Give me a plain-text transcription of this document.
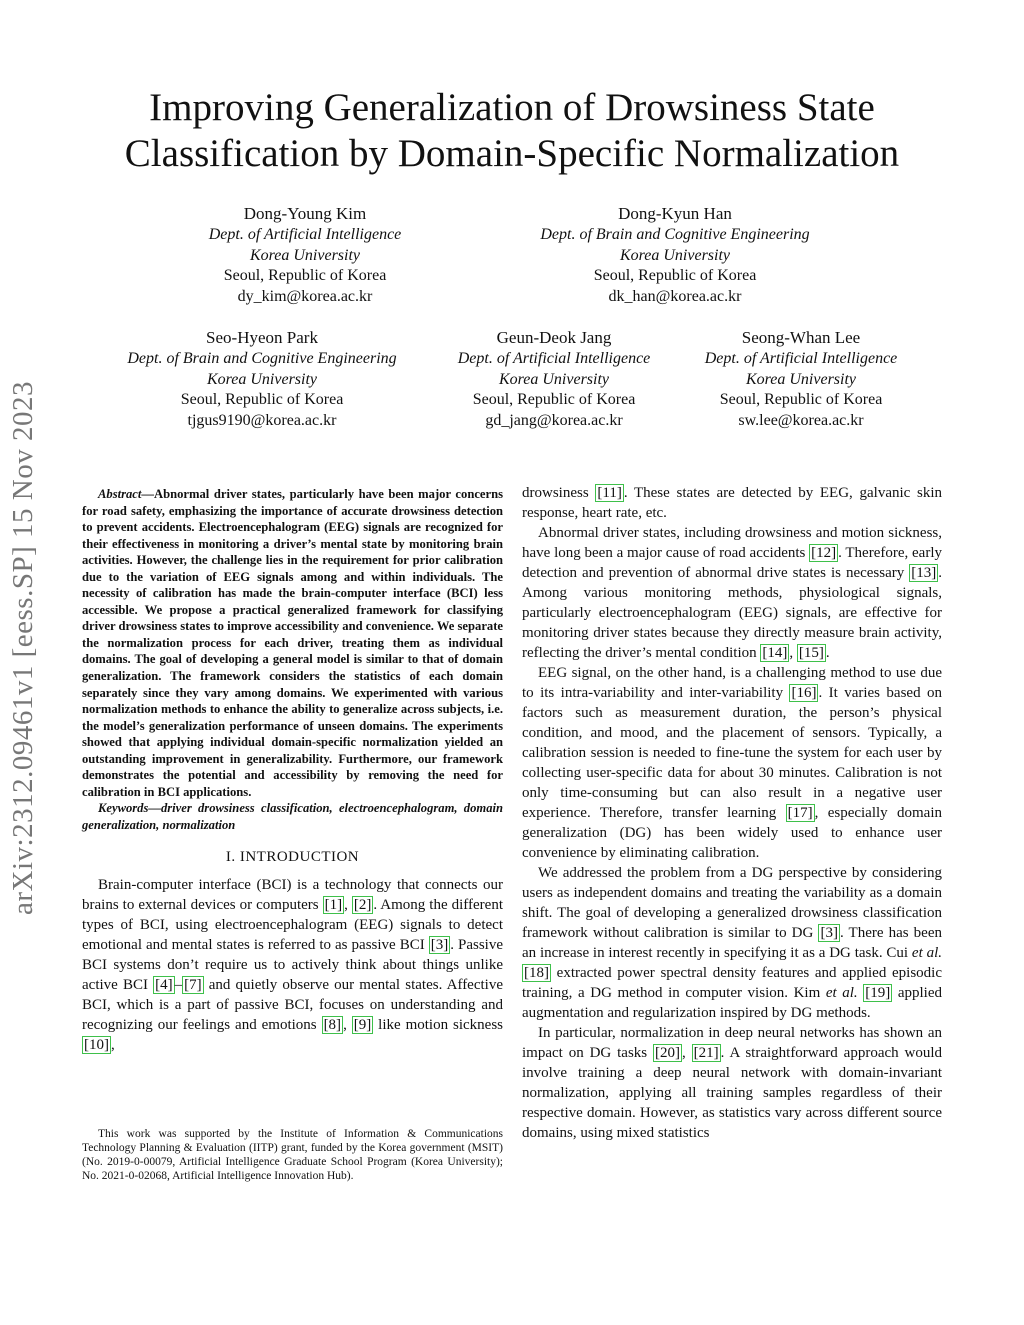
arXiv:2312.09461v1 [eess.SP] 15 Nov 2023
Improving Generalization of Drowsiness State
Classification by Domain-Specific Normalization
Dong-Young Kim
Dept. of Artificial Intelligence
Korea University
Seoul, Republic of Korea
dy_kim@korea.ac.kr
Dong-Kyun Han
Dept. of Brain and Cognitive Engineering
Korea University
Seoul, Republic of Korea
dk_han@korea.ac.kr
Seo-Hyeon Park
Dept. of Brain and Cognitive Engineering
Korea University
Seoul, Republic of Korea
tjgus9190@korea.ac.kr
Geun-Deok Jang
Dept. of Artificial Intelligence
Korea University
Seoul, Republic of Korea
gd_jang@korea.ac.kr
Seong-Whan Lee
Dept. of Artificial Intelligence
Korea University
Seoul, Republic of Korea
sw.lee@korea.ac.kr

Abstract—Abnormal driver states, particularly have been major concerns for road safety, emphasizing the importance of accurate drowsiness detection to prevent accidents. Electroencephalogram (EEG) signals are recognized for their effectiveness in monitoring a driver’s mental state by monitoring brain activities. However, the challenge lies in the requirement for prior calibration due to the variation of EEG signals among and within individuals. The necessity of calibration has made the brain-computer interface (BCI) less accessible. We propose a practical generalized framework for classifying driver drowsiness states to improve accessibility and convenience. We separate the normalization process for each driver, treating them as individual domains. The goal of developing a general model is similar to that of domain generalization. The framework considers the statistics of each domain separately since they vary among domains. We experimented with various normalization methods to enhance the ability to generalize across subjects, i.e. the model’s generalization performance of unseen domains. The experiments showed that applying individual domain-specific normalization yielded an outstanding improvement in generalizability. Furthermore, our framework demonstrates the potential and accessibility by removing the need for calibration in BCI applications.

Keywords—driver drowsiness classification, electroencephalogram, domain generalization, normalization

I. INTRODUCTION

Brain-computer interface (BCI) is a technology that connects our brains to external devices or computers [1] , [2] . Among the different types of BCI, using electroencephalogram (EEG) signals to detect emotional and mental states is referred to as passive BCI [3] . Passive BCI systems don’t require us to actively think about things unlike active BCI [4] – [7] and quietly observe our mental states. Affective BCI, which is a part of passive BCI, focuses on understanding and recognizing our feelings and emotions [8] , [9] like motion sickness [10] ,

This work was supported by the Institute of Information & Communications Technology Planning & Evaluation (IITP) grant, funded by the Korea government (MSIT) (No. 2019-0-00079, Artificial Intelligence Graduate School Program (Korea University); No. 2021-0-02068, Artificial Intelligence Innovation Hub).

drowsiness [11] . These states are detected by EEG, galvanic skin response, heart rate, etc.

Abnormal driver states, including drowsiness and motion sickness, have long been a major cause of road accidents [12] . Therefore, early detection and prevention of abnormal drive states is necessary [13] . Among various monitoring methods, physiological signals, particularly electroencephalogram (EEG) signals, are effective for monitoring driver states because they directly measure brain activity, reflecting the driver’s mental condition [14] , [15] .

EEG signal, on the other hand, is a challenging method to use due to its intra-variability and inter-variability [16] . It varies based on factors such as measurement duration, the person’s physical condition, and mood, and the placement of sensors. Typically, a calibration session is needed to fine-tune the system for each user by collecting user-specific data for about 30 minutes. Calibration is not only time-consuming but can also result in a negative user experience. Therefore, transfer learning [17] , especially domain generalization (DG) has been widely used to enhance user convenience by eliminating calibration.

We addressed the problem from a DG perspective by considering users as independent domains and treating the variability as a domain shift. The goal of developing a generalized drowsiness classification framework without calibration is similar to DG [3] . There has been an increase in interest recently in specifying it as a DG task. Cui et al. [18] extracted power spectral density features and applied episodic training, a DG method in computer vision. Kim et al. [19] applied augmentation and regularization inspired by DG methods.

In particular, normalization in deep neural networks has shown an impact on DG tasks [20] , [21] . A straightforward approach would involve training a deep neural network with domain-invariant normalization, applying all training samples regardless of their respective domain. However, as statistics vary across different source domains, using mixed statistics
